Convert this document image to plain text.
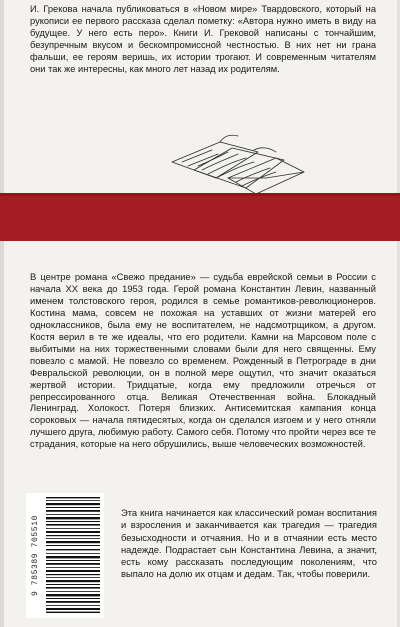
И. Грекова начала публиковаться в «Новом мире» Твардовского, который на рукописи ее первого рассказа сделал пометку: «Автора нужно иметь в виду на будущее. У него есть перо». Книги И. Грековой написаны с тончайшим, безупречным вкусом и бескомпромиссной честностью. В них нет ни грана фальши, ее героям веришь, их истории трогают. И современным читателям они так же интересны, как много лет назад их родителям.

В центре романа «Свежо предание» — судьба еврейской семьи в России с начала XX века до 1953 года. Герой романа Константин Левин, названный именем толстовского героя, родился в семье романтиков-революционеров. Костина мама, совсем не похожая на уставших от жизни матерей его одноклассников, была ему не воспитателем, не надсмотрщиком, а другом. Костя верил в те же идеалы, что его родители. Камни на Марсовом поле с выбитыми на них торжественными словами были для него священны. Ему повезло с мамой. Не повезло со временем. Рожденный в Петрограде в дни Февральской революции, он в полной мере ощутил, что значит оказаться жертвой истории. Тридцатые, когда ему предложили отречься от репрессированного отца. Великая Отечественная война. Блокадный Ленинград. Холокост. Потеря близких. Антисемитская кампания конца сороковых — начала пятидесятых, когда он сделался изгоем и у него отняли лучшего друга, любимую работу. Самого себя. Потому что пройти через все те страдания, которые на него обрушились, выше человеческих возможностей.

9 785389 705510

Эта книга начинается как классический роман воспитания и взросления и заканчивается как трагедия — трагедия безысходности и отчаяния. Но и в отчаянии есть место надежде. Подрастает сын Константина Левина, а значит, есть кому рассказать последующим поколениям, что выпало на долю их отцам и дедам. Так, чтобы поверили.
